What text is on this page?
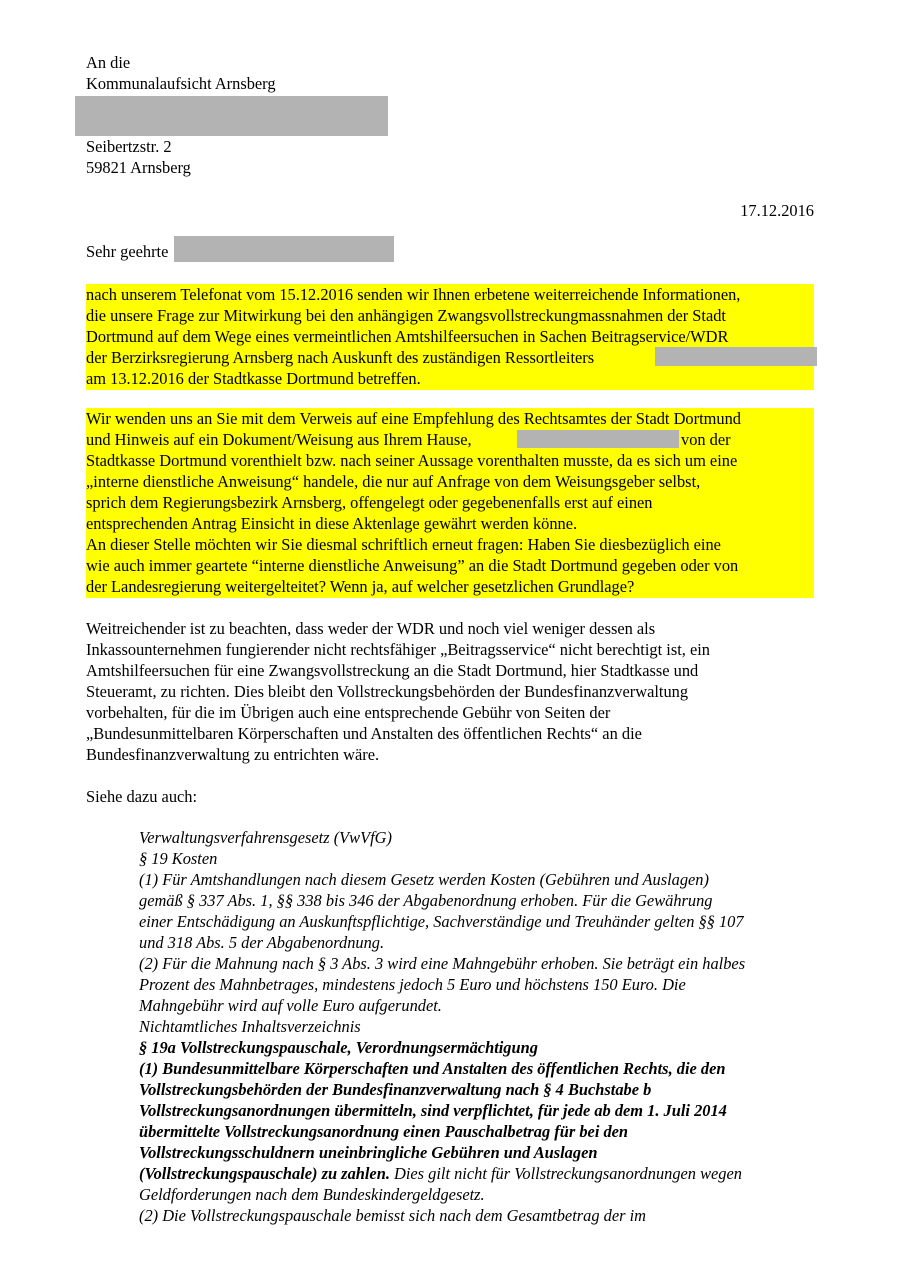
An die
Kommunalaufsicht Arnsberg
Seibertzstr. 2
59821 Arnsberg
17.12.2016
Sehr geehrte
nach unserem Telefonat vom 15.12.2016 senden wir Ihnen erbetene weiterreichende Informationen,
die unsere Frage zur Mitwirkung bei den anhängigen Zwangsvollstreckungmassnahmen der Stadt
Dortmund auf dem Wege eines vermeintlichen Amtshilfeersuchen in Sachen Beitragservice/WDR
der Berzirksregierung Arnsberg nach Auskunft des zuständigen Ressortleiters
am 13.12.2016 der Stadtkasse Dortmund betreffen.
Wir wenden uns an Sie mit dem Verweis auf eine Empfehlung des Rechtsamtes der Stadt Dortmund
und Hinweis auf ein Dokument/Weisung aus Ihrem Hause,	von der
Stadtkasse Dortmund vorenthielt bzw. nach seiner Aussage vorenthalten musste, da es sich um eine
„interne dienstliche Anweisung“ handele, die nur auf Anfrage von dem Weisungsgeber selbst,
sprich dem Regierungsbezirk Arnsberg, offengelegt oder gegebenenfalls erst auf einen
entsprechenden Antrag Einsicht in diese Aktenlage gewährt werden könne.
An dieser Stelle möchten wir Sie diesmal schriftlich erneut fragen: Haben Sie diesbezüglich eine
wie auch immer geartete “interne dienstliche Anweisung” an die Stadt Dortmund gegeben oder von
der Landesregierung weitergelteitet? Wenn ja, auf welcher gesetzlichen Grundlage?
Weitreichender ist zu beachten, dass weder der WDR und noch viel weniger dessen als
Inkassounternehmen fungierender nicht rechtsfähiger „Beitragsservice“ nicht berechtigt ist, ein
Amtshilfeersuchen für eine Zwangsvollstreckung an die Stadt Dortmund, hier Stadtkasse und
Steueramt, zu richten. Dies bleibt den Vollstreckungsbehörden der Bundesfinanzverwaltung
vorbehalten, für die im Übrigen auch eine entsprechende Gebühr von Seiten der
„Bundesunmittelbaren Körperschaften und Anstalten des öffentlichen Rechts“ an die
Bundesfinanzverwaltung zu entrichten wäre.
Siehe dazu auch:
Verwaltungsverfahrensgesetz (VwVfG)
§ 19 Kosten
(1) Für Amtshandlungen nach diesem Gesetz werden Kosten (Gebühren und Auslagen)
gemäß § 337 Abs. 1, §§ 338 bis 346 der Abgabenordnung erhoben. Für die Gewährung
einer Entschädigung an Auskunftspflichtige, Sachverständige und Treuhänder gelten §§ 107
und 318 Abs. 5 der Abgabenordnung.
(2) Für die Mahnung nach § 3 Abs. 3 wird eine Mahngebühr erhoben. Sie beträgt ein halbes
Prozent des Mahnbetrages, mindestens jedoch 5 Euro und höchstens 150 Euro. Die
Mahngebühr wird auf volle Euro aufgerundet.
Nichtamtliches Inhaltsverzeichnis
§ 19a Vollstreckungspauschale, Verordnungsermächtigung
(1) Bundesunmittelbare Körperschaften und Anstalten des öffentlichen Rechts, die den
Vollstreckungsbehörden der Bundesfinanzverwaltung nach § 4 Buchstabe b
Vollstreckungsanordnungen übermitteln, sind verpflichtet, für jede ab dem 1. Juli 2014
übermittelte Vollstreckungsanordnung einen Pauschalbetrag für bei den
Vollstreckungsschuldnern uneinbringliche Gebühren und Auslagen
(Vollstreckungspauschale) zu zahlen. Dies gilt nicht für Vollstreckungsanordnungen wegen
Geldforderungen nach dem Bundeskindergeldgesetz.
(2) Die Vollstreckungspauschale bemisst sich nach dem Gesamtbetrag der im
